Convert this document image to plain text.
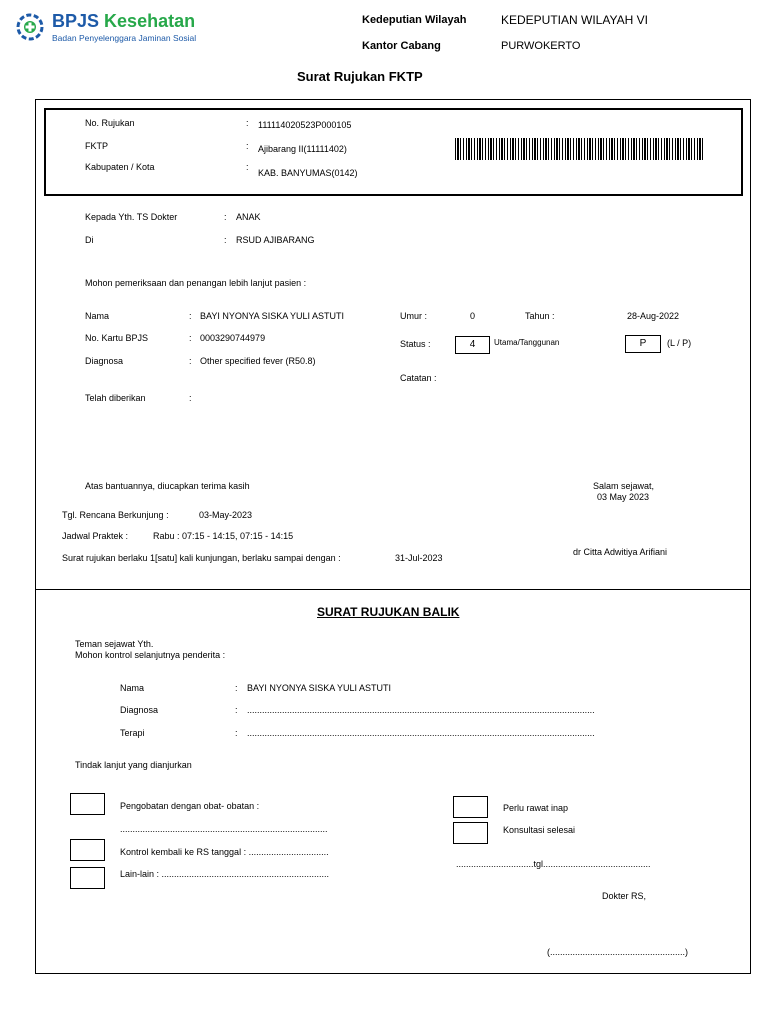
BPJS Kesehatan
Badan Penyelenggara Jaminan Sosial
Kedeputian Wilayah	KEDEPUTIAN WILAYAH VI
Kantor Cabang	PURWOKERTO
Surat Rujukan FKTP
No. Rujukan	: 111114020523P000105
FKTP	: Ajibarang II(11111402)
Kabupaten / Kota	:
KAB. BANYUMAS(0142)
Kepada Yth. TS Dokter	: ANAK
Di	: RSUD AJIBARANG
Mohon pemeriksaan dan penangan lebih lanjut pasien :
Nama	: BAYI NYONYA SISKA YULI ASTUTI
No. Kartu BPJS	: 0003290744979
Diagnosa	: Other specified fever (R50.8)
Telah diberikan	:
Umur :	0	Tahun :	28-Aug-2022
Status :	4	Utama/Tanggunan	P	(L / P)
Catatan :
Atas bantuannya, diucapkan terima kasih	Salam sejawat,
03 May 2023
Tgl. Rencana Berkunjung :	03-May-2023
Jadwal Praktek :	Rabu : 07:15 - 14:15, 07:15 - 14:15
Surat rujukan berlaku 1[satu] kali kunjungan, berlaku sampai dengan :	31-Jul-2023
dr Citta Adwitiya Arifiani
SURAT RUJUKAN BALIK
Teman sejawat Yth.
Mohon kontrol selanjutnya penderita :
Nama	: BAYI NYONYA SISKA YULI ASTUTI
Diagnosa	: ...........................................................................................................................................
Terapi	: ...........................................................................................................................................
Tindak lanjut yang dianjurkan
Pengobatan dengan obat- obatan :
...................................................................................
Kontrol kembali ke RS tanggal : ................................
Lain-lain : ...................................................................
Perlu rawat inap
Konsultasi selesai
...............................tgl...........................................
Dokter RS,
(......................................................)
